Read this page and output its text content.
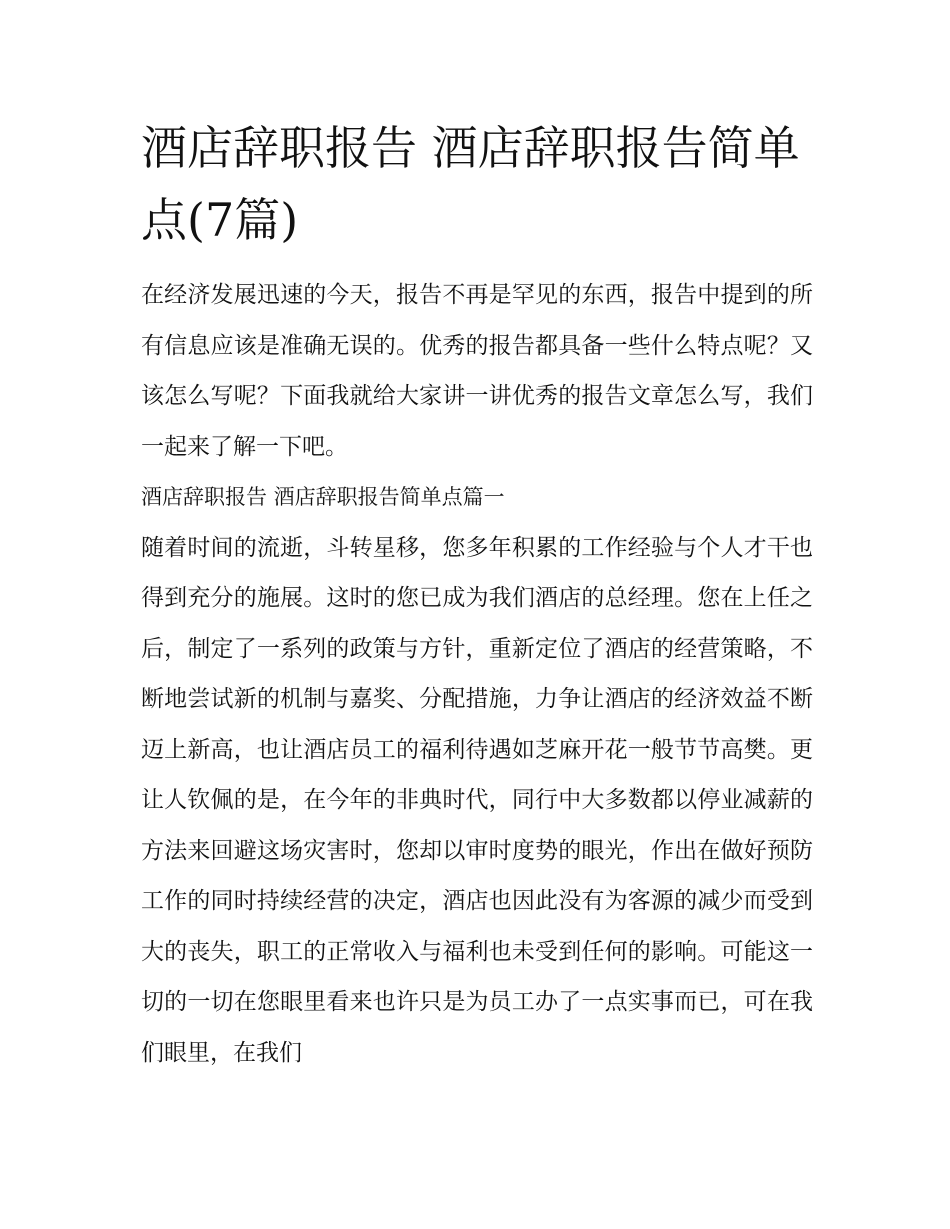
酒店辞职报告 酒店辞职报告简单点(7篇)

在经济发展迅速的今天，报告不再是罕见的东西，报告中提到的所有信息应该是准确无误的。优秀的报告都具备一些什么特点呢？又该怎么写呢？下面我就给大家讲一讲优秀的报告文章怎么写，我们一起来了解一下吧。

酒店辞职报告 酒店辞职报告简单点篇一

随着时间的流逝，斗转星移，您多年积累的工作经验与个人才干也得到充分的施展。这时的您已成为我们酒店的总经理。您在上任之后，制定了一系列的政策与方针，重新定位了酒店的经营策略，不断地尝试新的机制与嘉奖、分配措施，力争让酒店的经济效益不断迈上新高，也让酒店员工的福利待遇如芝麻开花一般节节高樊。更让人钦佩的是，在今年的非典时代，同行中大多数都以停业减薪的方法来回避这场灾害时，您却以审时度势的眼光，作出在做好预防工作的同时持续经营的决定，酒店也因此没有为客源的减少而受到大的丧失，职工的正常收入与福利也未受到任何的影响。可能这一切的一切在您眼里看来也许只是为员工办了一点实事而已，可在我们眼里，在我们
